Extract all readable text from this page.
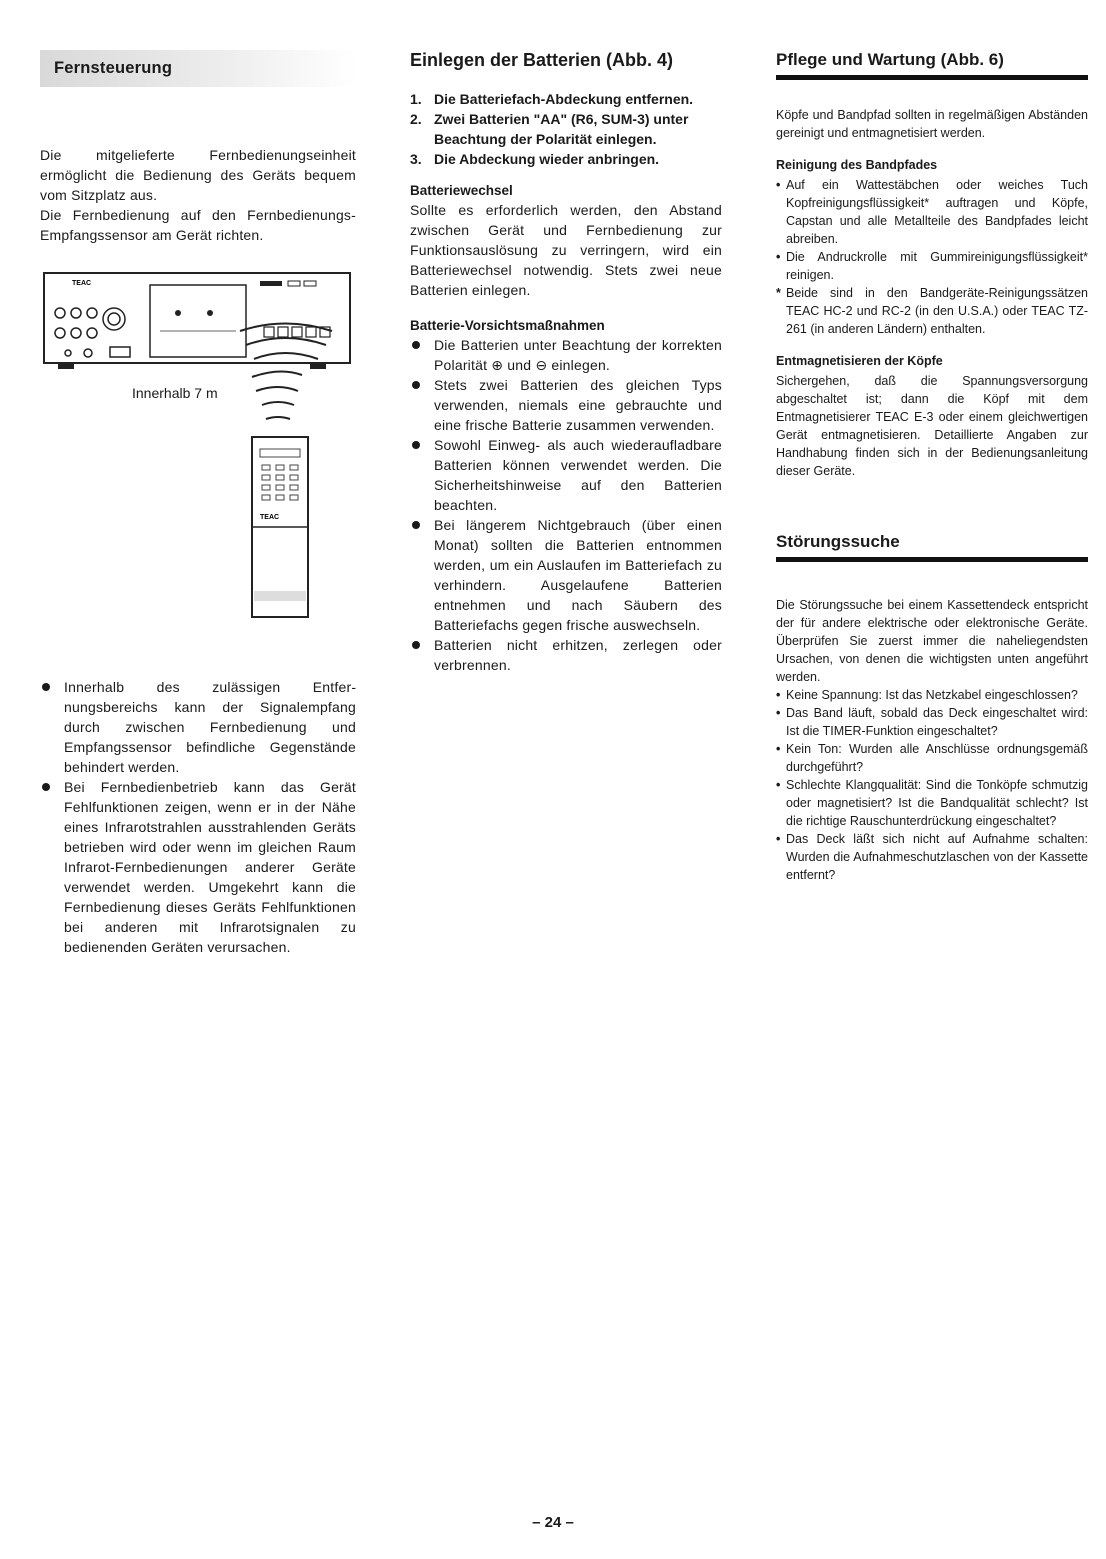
Fernsteuerung

Die mitgelieferte Fernbedienungseinheit ermöglicht die Bedienung des Geräts bequem vom Sitzplatz aus.

Die Fernbedienung auf den Fernbedienungs-Empfangssensor am Gerät richten.

TEAC
TEAC
Innerhalb 7 m
Innerhalb des zulässigen Entfernungsbereichs kann der Signalempfang durch zwischen Fernbedienung und Empfangssensor befindliche Gegenstände behindert werden.
Bei Fernbedienbetrieb kann das Gerät Fehlfunktionen zeigen, wenn er in der Nähe eines Infrarotstrahlen ausstrahlenden Geräts betrieben wird oder wenn im gleichen Raum Infrarot-Fernbedienungen anderer Geräte verwendet werden. Umgekehrt kann die Fernbedienung dieses Geräts Fehlfunktionen bei anderen mit Infrarotsignalen zu bedienenden Geräten verursachen.
Einlegen der Batterien (Abb. 4)
1. Die Batteriefach-Abdeckung entfernen.
2. Zwei Batterien "AA" (R6, SUM-3) unter Beachtung der Polarität einlegen.
3. Die Abdeckung wieder anbringen.
Batteriewechsel

Sollte es erforderlich werden, den Abstand zwischen Gerät und Fernbedienung zur Funktionsauslösung zu verringern, wird ein Batteriewechsel notwendig. Stets zwei neue Batterien einlegen.

Batterie-Vorsichtsmaßnahmen
Die Batterien unter Beachtung der korrekten Polarität ⊕ und ⊖ einlegen.
Stets zwei Batterien des gleichen Typs verwenden, niemals eine gebrauchte und eine frische Batterie zusammen verwenden.
Sowohl Einweg- als auch wiederaufladbare Batterien können verwendet werden. Die Sicherheitshinweise auf den Batterien beachten.
Bei längerem Nichtgebrauch (über einen Monat) sollten die Batterien entnommen werden, um ein Auslaufen im Batteriefach zu verhindern. Ausgelaufene Batterien entnehmen und nach Säubern des Batteriefachs gegen frische auswechseln.
Batterien nicht erhitzen, zerlegen oder verbrennen.
Pflege und Wartung (Abb. 6)

Köpfe und Bandpfad sollten in regelmäßigen Abständen gereinigt und entmagnetisiert werden.

Reinigung des Bandpfades
• Auf ein Wattestäbchen oder weiches Tuch Kopfreinigungsflüssigkeit* auftragen und Köpfe, Capstan und alle Metallteile des Bandpfades leicht abreiben.
• Die Andruckrolle mit Gummireinigungsflüssigkeit* reinigen.
* Beide sind in den Bandgeräte-Reinigungssätzen TEAC HC-2 und RC-2 (in den U.S.A.) oder TEAC TZ-261 (in anderen Ländern) enthalten.
Entmagnetisieren der Köpfe

Sichergehen, daß die Spannungsversorgung abgeschaltet ist; dann die Köpf mit dem Entmagnetisierer TEAC E-3 oder einem gleichwertigen Gerät entmagnetisieren. Detaillierte Angaben zur Handhabung finden sich in der Bedienungsanleitung dieser Geräte.

Störungssuche

Die Störungssuche bei einem Kassettendeck entspricht der für andere elektrische oder elektronische Geräte. Überprüfen Sie zuerst immer die naheliegendsten Ursachen, von denen die wichtigsten unten angeführt werden.

• Keine Spannung: Ist das Netzkabel eingeschlossen?
• Das Band läuft, sobald das Deck eingeschaltet wird: Ist die TIMER-Funktion eingeschaltet?
• Kein Ton: Wurden alle Anschlüsse ordnungsgemäß durchgeführt?
• Schlechte Klangqualität: Sind die Tonköpfe schmutzig oder magnetisiert? Ist die Bandqualität schlecht? Ist die richtige Rauschunterdrückung eingeschaltet?
• Das Deck läßt sich nicht auf Aufnahme schalten: Wurden die Aufnahmeschutzlaschen von der Kassette entfernt?
– 24 –
